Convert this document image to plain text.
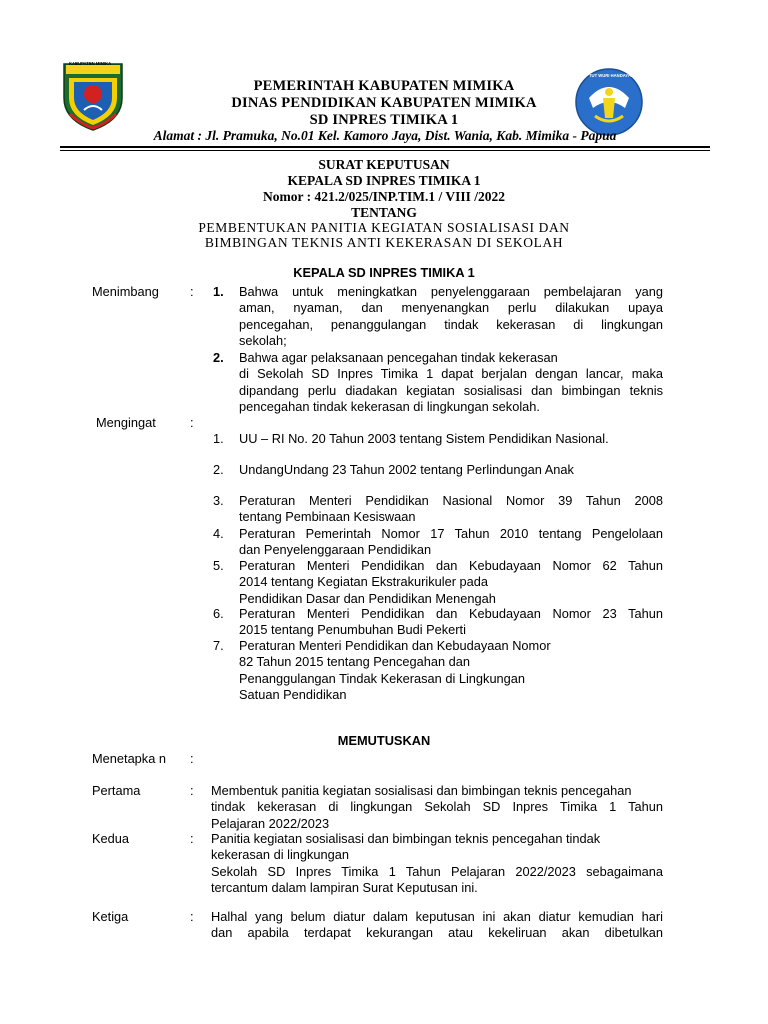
KABUPATEN MIMIKA
TUT WURI HANDAYANI
PEMERINTAH KABUPATEN MIMIKA
DINAS PENDIDIKAN KABUPATEN MIMIKA
SD INPRES TIMIKA 1
Alamat : Jl. Pramuka, No.01 Kel. Kamoro Jaya, Dist. Wania, Kab. Mimika - Papua
SURAT KEPUTUSAN
KEPALA SD INPRES TIMIKA 1
Nomor : 421.2/025/INP.TIM.1 / VIII /2022
TENTANG
PEMBENTUKAN PANITIA KEGIATAN SOSIALISASI DAN
BIMBINGAN TEKNIS ANTI KEKERASAN DI SEKOLAH
KEPALA SD INPRES TIMIKA 1
Menimbang : 1. Bahwa untuk meningkatkan penyelenggaraan pembelajaran yang
aman, nyaman, dan menyenangkan perlu dilakukan upaya
pencegahan, penanggulangan tindak kekerasan di lingkungan
sekolah;
2. Bahwa agar pelaksanaan pencegahan tindak kekerasan
di Sekolah SD Inpres Timika 1 dapat berjalan dengan lancar, maka
dipandang perlu diadakan kegiatan sosialisasi dan bimbingan teknis
pencegahan tindak kekerasan di lingkungan sekolah.
Mengingat	:
1. UU – RI No. 20 Tahun 2003 tentang Sistem Pendidikan Nasional.
2. UndangUndang 23 Tahun 2002 tentang Perlindungan Anak
3. Peraturan Menteri Pendidikan Nasional Nomor 39 Tahun 2008
tentang Pembinaan Kesiswaan
4. Peraturan Pemerintah Nomor 17 Tahun 2010 tentang Pengelolaan
dan Penyelenggaraan Pendidikan
5. Peraturan Menteri Pendidikan dan Kebudayaan Nomor 62 Tahun
2014 tentang Kegiatan Ekstrakurikuler pada
Pendidikan Dasar dan Pendidikan Menengah
6. Peraturan Menteri Pendidikan dan Kebudayaan Nomor 23 Tahun
2015 tentang Penumbuhan Budi Pekerti
7. Peraturan Menteri Pendidikan dan Kebudayaan Nomor
82 Tahun 2015 tentang Pencegahan dan
Penanggulangan Tindak Kekerasan di Lingkungan
Satuan Pendidikan
MEMUTUSKAN
Menetapka n :
Pertama	: Membentuk panitia kegiatan sosialisasi dan bimbingan teknis pencegahan
tindak kekerasan di lingkungan Sekolah SD Inpres Timika 1 Tahun
Pelajaran 2022/2023
Kedua	: Panitia kegiatan sosialisasi dan bimbingan teknis pencegahan tindak
kekerasan di lingkungan
Sekolah SD Inpres Timika 1 Tahun Pelajaran 2022/2023 sebagaimana
tercantum dalam lampiran Surat Keputusan ini.
Ketiga	: Halhal yang belum diatur dalam keputusan ini akan diatur kemudian hari
dan apabila terdapat kekurangan atau kekeliruan akan dibetulkan
